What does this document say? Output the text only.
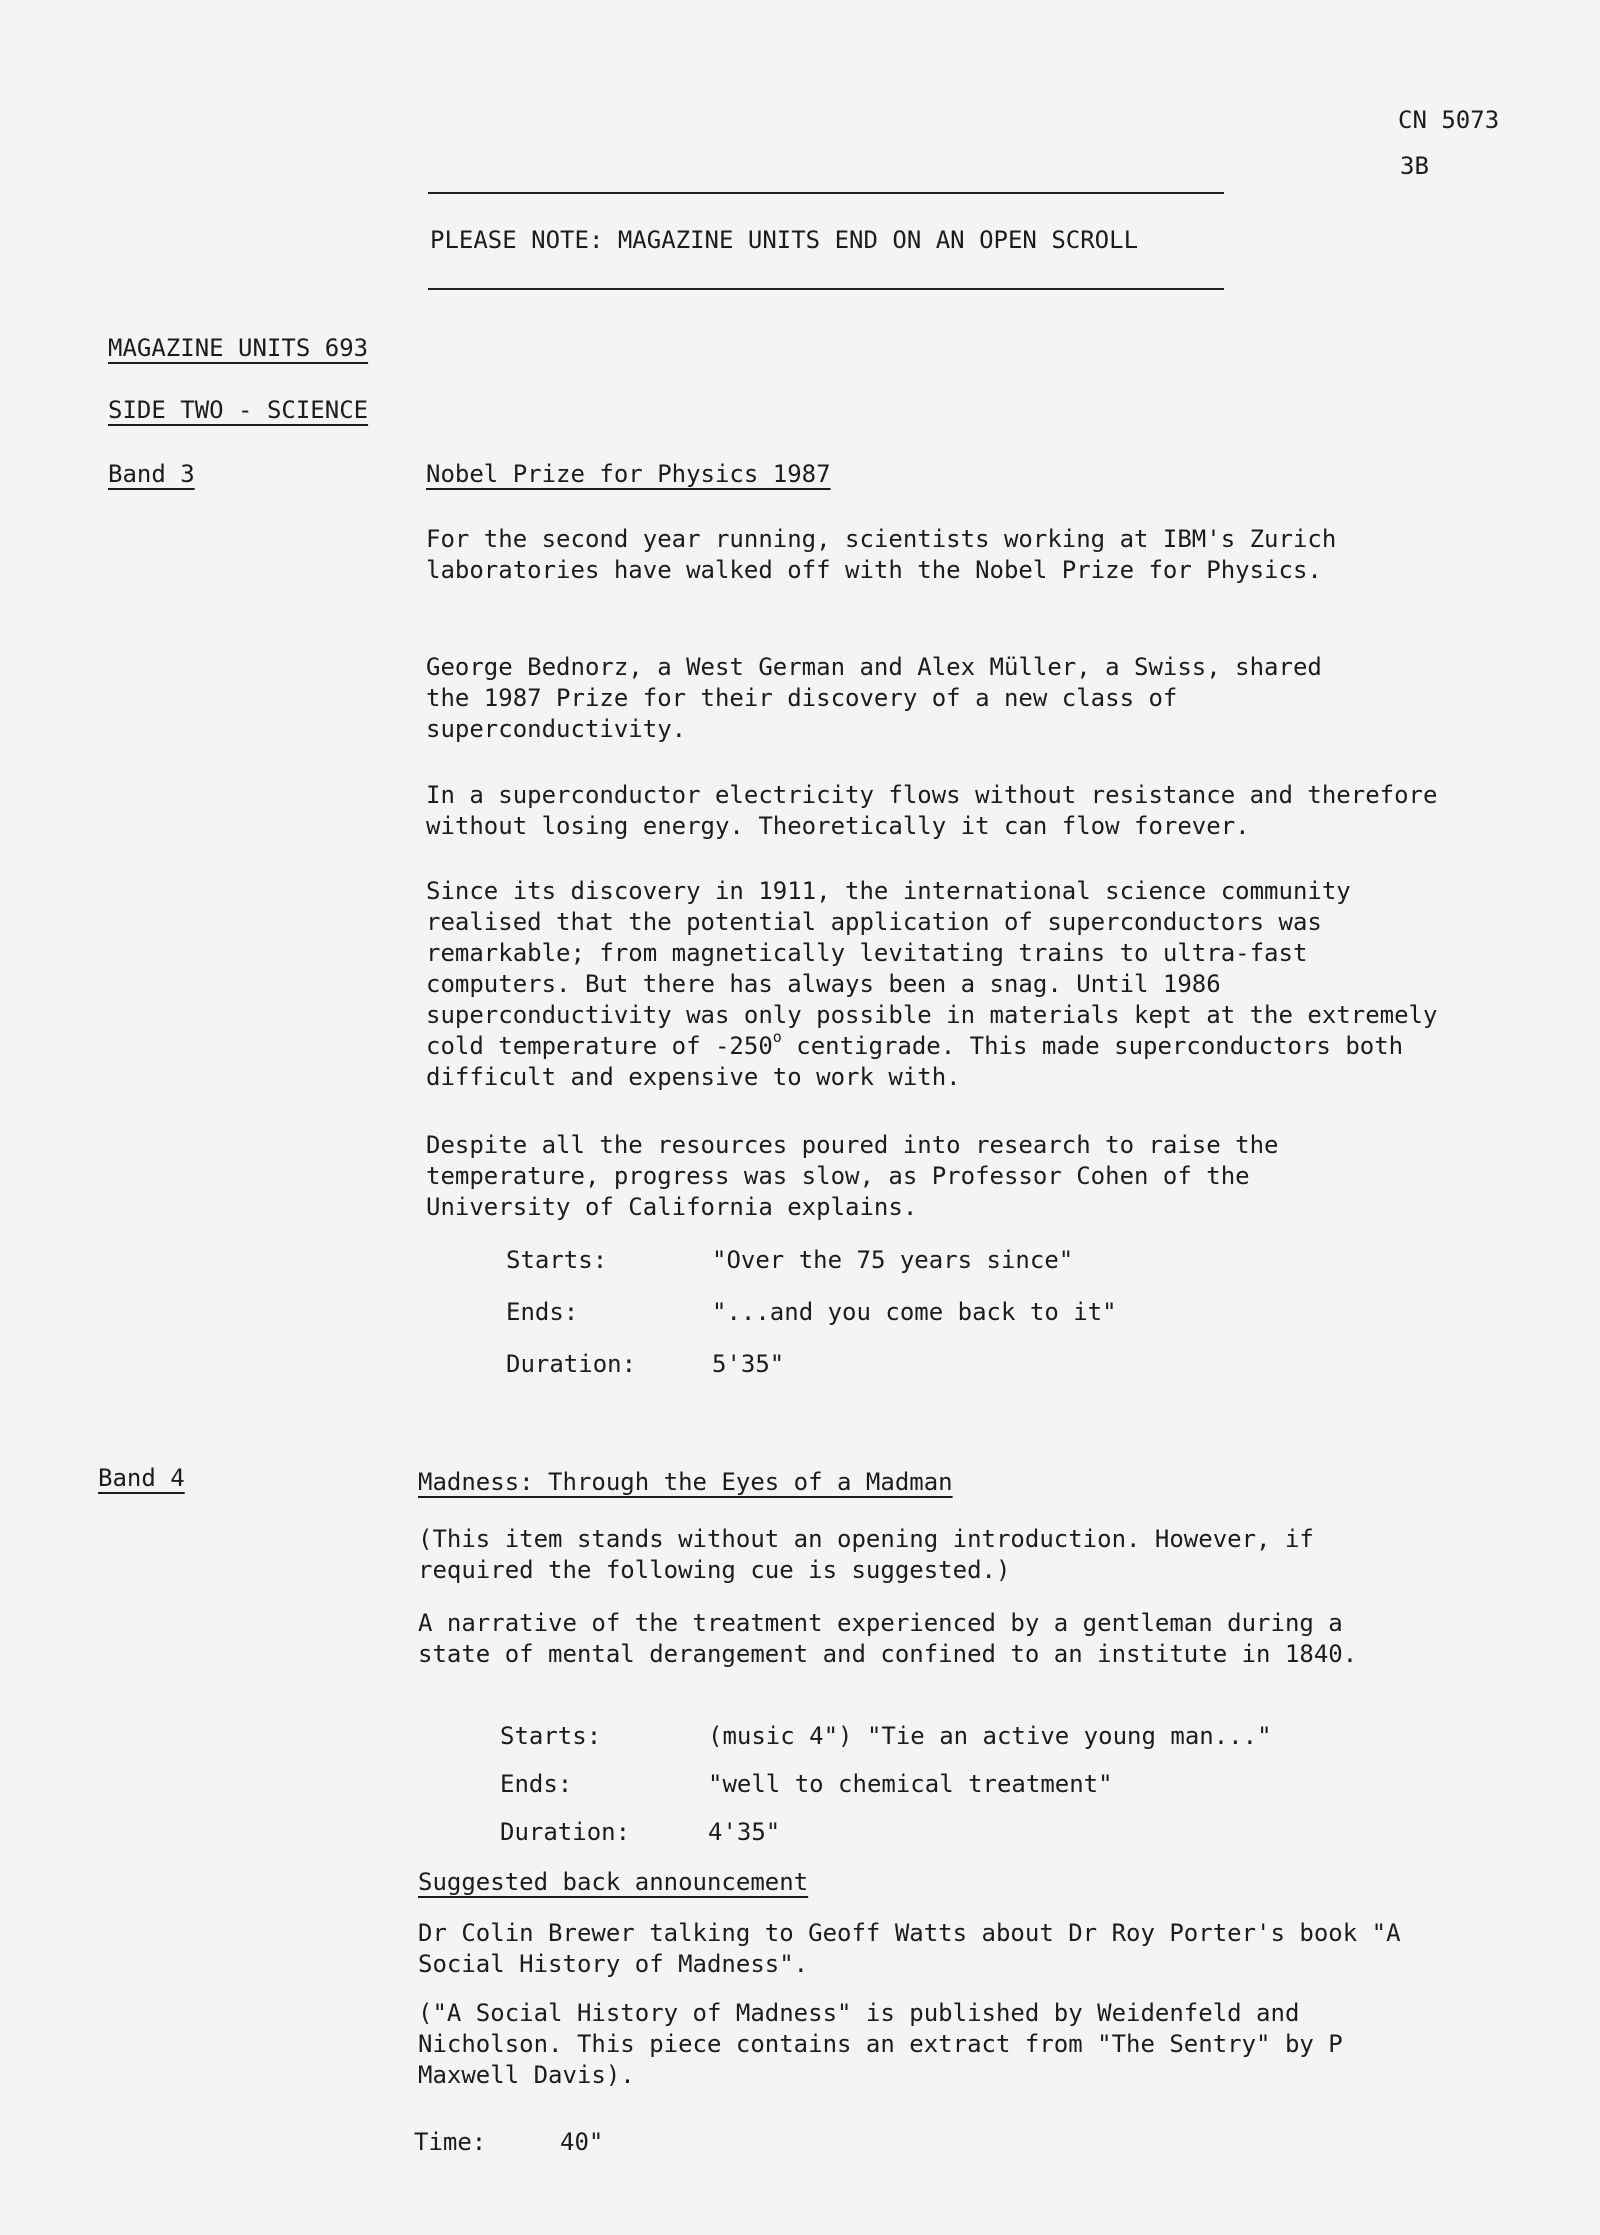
CN 5073
3B
PLEASE NOTE: MAGAZINE UNITS END ON AN OPEN SCROLL
MAGAZINE UNITS 693
SIDE TWO - SCIENCE
Band 3	Nobel Prize for Physics 1987

For the second year running, scientists working at IBM's Zurich laboratories have walked off with the Nobel Prize for Physics.

George Bednorz, a West German and Alex Müller, a Swiss, shared the 1987 Prize for their discovery of a new class of superconductivity.

In a superconductor electricity flows without resistance and therefore without losing energy. Theoretically it can flow forever.

Since its discovery in 1911, the international science community realised that the potential application of superconductors was remarkable; from magnetically levitating trains to ultra-fast computers. But there has always been a snag. Until 1986 superconductivity was only possible in materials kept at the extremely cold temperature of -250$^o$ centigrade. This made superconductors both difficult and expensive to work with.

Despite all the resources poured into research to raise the temperature, progress was slow, as Professor Cohen of the University of California explains.

Starts:	"Over the 75 years since"
Ends:	"...and you come back to it"
Duration:	5'35"
Band 4	Madness: Through the Eyes of a Madman

(This item stands without an opening introduction. However, if required the following cue is suggested.)

A narrative of the treatment experienced by a gentleman during a state of mental derangement and confined to an institute in 1840.

Starts:	(music 4") "Tie an active young man..."
Ends:	"well to chemical treatment"
Duration:	4'35"
Suggested back announcement

Dr Colin Brewer talking to Geoff Watts about Dr Roy Porter's book "A Social History of Madness".

("A Social History of Madness" is published by Weidenfeld and Nicholson. This piece contains an extract from "The Sentry" by P Maxwell Davis).

Time:	40"
